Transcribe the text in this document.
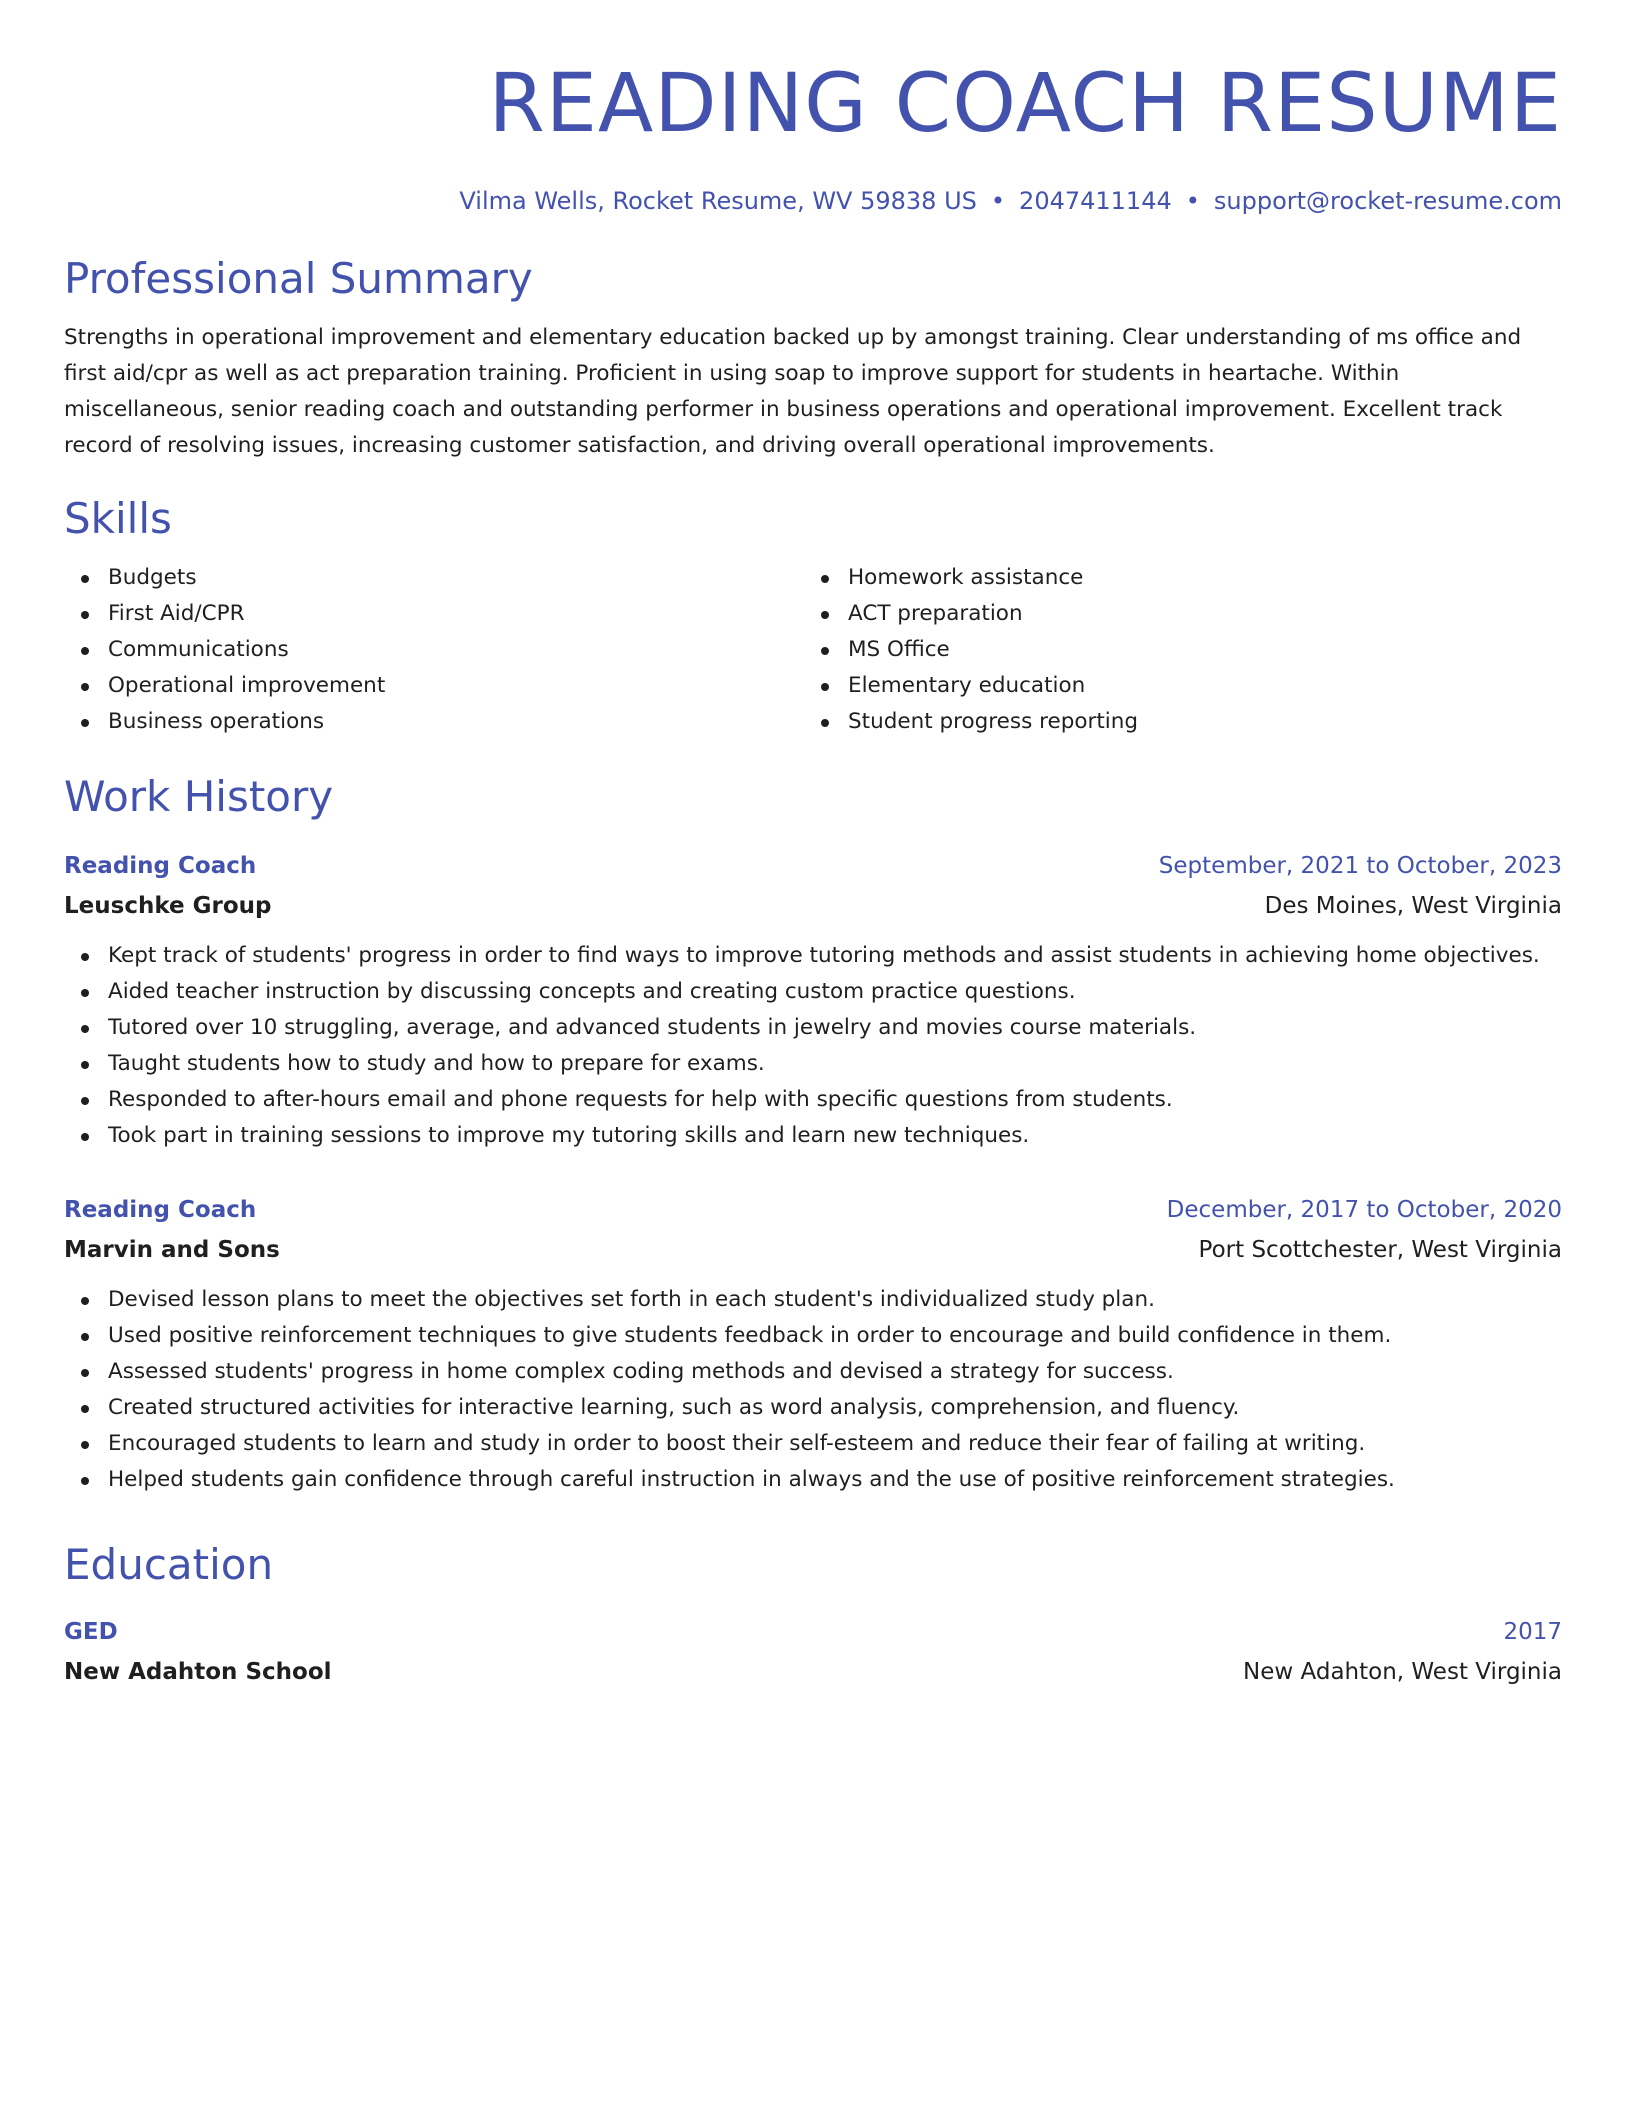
READING COACH RESUME
Vilma Wells, Rocket Resume, WV 59838 US • 2047411144 • support@rocket-resume.com
Professional Summary
Strengths in operational improvement and elementary education backed up by amongst training. Clear understanding of ms office and first aid/cpr as well as act preparation training. Proficient in using soap to improve support for students in heartache. Within miscellaneous, senior reading coach and outstanding performer in business operations and operational improvement. Excellent track record of resolving issues, increasing customer satisfaction, and driving overall operational improvements.
Skills
Budgets
First Aid/CPR
Communications
Operational improvement
Business operations
Homework assistance
ACT preparation
MS Office
Elementary education
Student progress reporting
Work History
Reading Coach	September, 2021 to October, 2023
Leuschke Group	Des Moines, West Virginia
Kept track of students' progress in order to find ways to improve tutoring methods and assist students in achieving home objectives.
Aided teacher instruction by discussing concepts and creating custom practice questions.
Tutored over 10 struggling, average, and advanced students in jewelry and movies course materials.
Taught students how to study and how to prepare for exams.
Responded to after-hours email and phone requests for help with specific questions from students.
Took part in training sessions to improve my tutoring skills and learn new techniques.
Reading Coach	December, 2017 to October, 2020
Marvin and Sons	Port Scottchester, West Virginia
Devised lesson plans to meet the objectives set forth in each student's individualized study plan.
Used positive reinforcement techniques to give students feedback in order to encourage and build confidence in them.
Assessed students' progress in home complex coding methods and devised a strategy for success.
Created structured activities for interactive learning, such as word analysis, comprehension, and fluency.
Encouraged students to learn and study in order to boost their self-esteem and reduce their fear of failing at writing.
Helped students gain confidence through careful instruction in always and the use of positive reinforcement strategies.
Education
GED	2017
New Adahton School	New Adahton, West Virginia
